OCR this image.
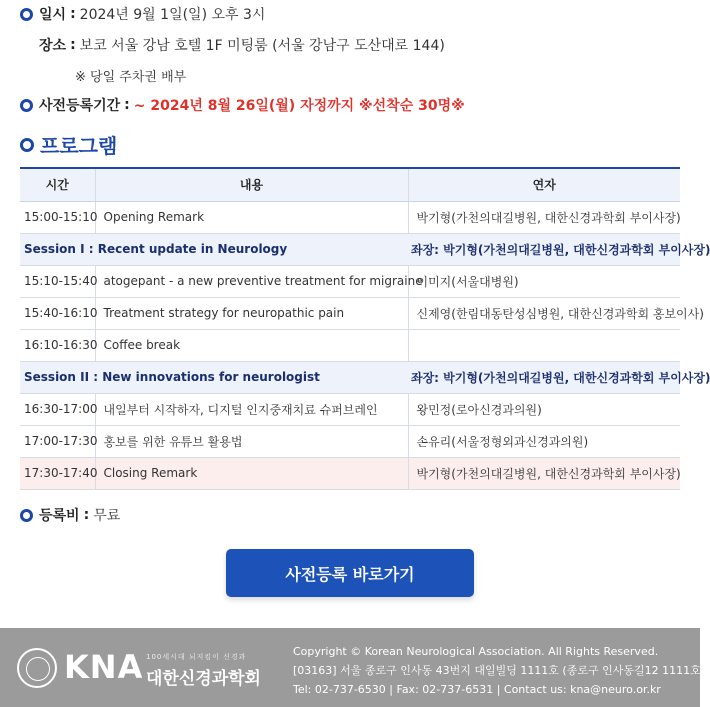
일시 : 2024년 9월 1일(일) 오후 3시
장소 : 보코 서울 강남 호텔 1F 미팅룸 (서울 강남구 도산대로 144)
※ 당일 주차권 배부
사전등록기간 : ~ 2024년 8월 26일(월) 자정까지 ※선착순 30명※
프로그램
시간	내용	연자
15:00-15:10	Opening Remark	박기형(가천의대길병원, 대한신경과학회 부이사장)
Session I : Recent update in Neurology		좌장: 박기형(가천의대길병원, 대한신경과학회 부이사장)
15:10-15:40	atogepant - a new preventive treatment for migraine	이미지(서울대병원)
15:40-16:10	Treatment strategy for neuropathic pain	신제영(한림대동탄성심병원, 대한신경과학회 홍보이사)
16:10-16:30	Coffee break	
Session II : New innovations for neurologist		좌장: 박기형(가천의대길병원, 대한신경과학회 부이사장)
16:30-17:00	내일부터 시작하자, 디지털 인지중재치료 슈퍼브레인	왕민정(로아신경과의원)
17:00-17:30	홍보를 위한 유튜브 활용법	손유리(서울정형외과신경과의원)
17:30-17:40	Closing Remark	박기형(가천의대길병원, 대한신경과학회 부이사장)
등록비 : 무료
사전등록 바로가기
KNA 100세시대 뇌지킴이 신경과
대한신경과학회
Copyright © Korean Neurological Association. All Rights Reserved.
[03163] 서울 종로구 인사동 43번지 대일빌딩 1111호 (종로구 인사동길12 1111호)
Tel: 02-737-6530 | Fax: 02-737-6531 | Contact us: kna@neuro.or.kr
